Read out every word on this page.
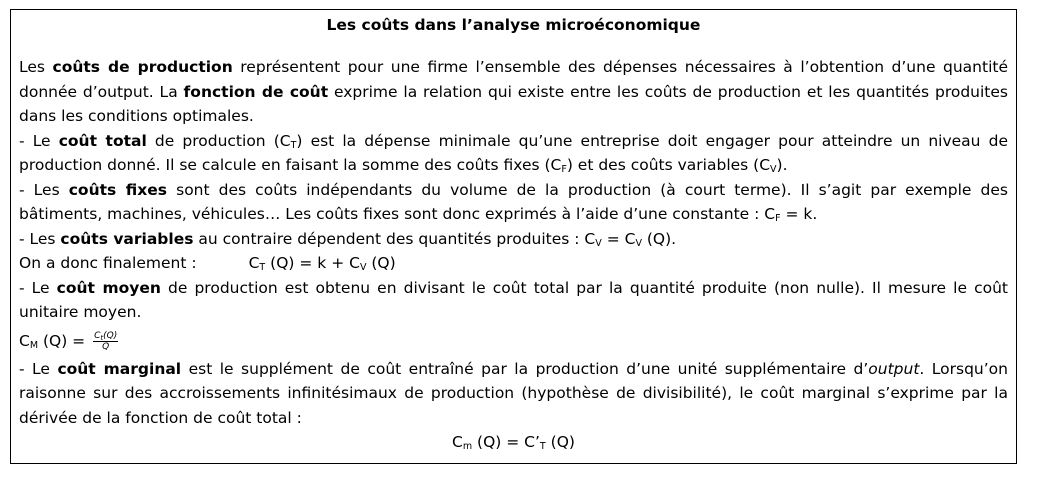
Les coûts dans l’analyse microéconomique
Les coûts de production représentent pour une firme l’ensemble des dépenses nécessaires à l’obtention d’une quantité donnée d’output. La fonction de coût exprime la relation qui existe entre les coûts de production et les quantités produites dans les conditions optimales.
- Le coût total de production $(C_T)$ est la dépense minimale qu’une entreprise doit engager pour atteindre un niveau de production donné. Il se calcule en faisant la somme des coûts fixes $(C_F)$ et des coûts variables $(C_V)$.
- Les coûts fixes sont des coûts indépendants du volume de la production (à court terme). Il s’agit par exemple des bâtiments, machines, véhicules… Les coûts fixes sont donc exprimés à l’aide d’une constante : $C_F = k$.
- Les coûts variables au contraire dépendent des quantités produites : $C_V = C_V$ (Q).
On a donc finalement :	$C_T$ $(Q) = k + C_V$ (Q)
- Le coût moyen de production est obtenu en divisant le coût total par la quantité produite (non nulle). Il mesure le coût unitaire moyen.
$C_M$ $(Q) = \frac{C_t(Q)}{Q}$
- Le coût marginal est le supplément de coût entraîné par la production d’une unité supplémentaire d’output. Lorsqu’on raisonne sur des accroissements infinitésimaux de production (hypothèse de divisibilité), le coût marginal s’exprime par la dérivée de la fonction de coût total :
$C_m$ $(Q) = C’_T$ (Q)
